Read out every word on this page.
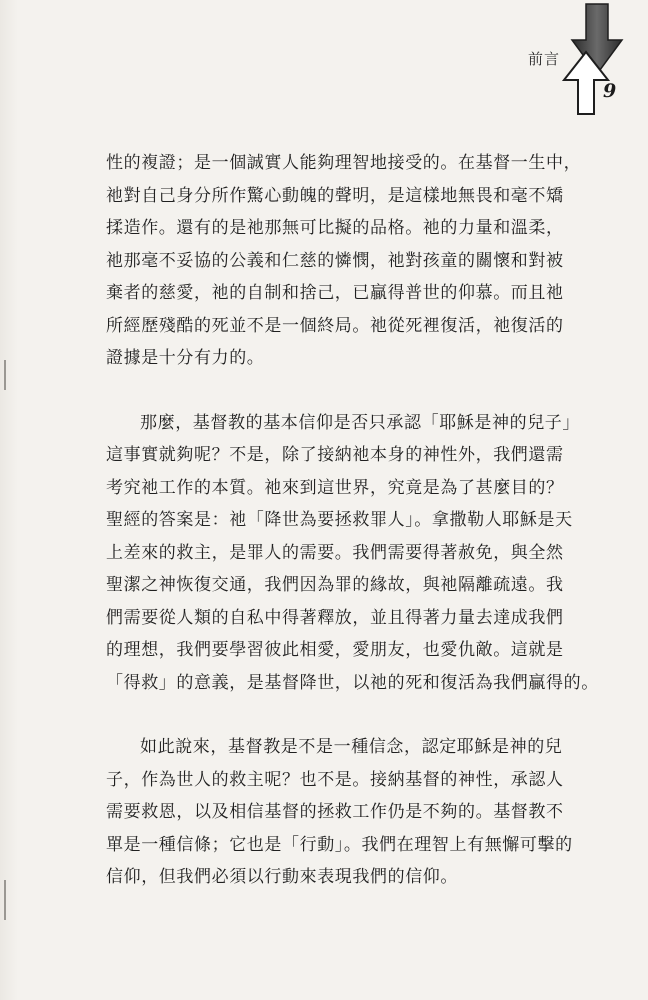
前言
9

性的複證；是一個誠實人能夠理智地接受的。在基督一生中，
祂對自己身分所作驚心動魄的聲明，是這樣地無畏和毫不矯
揉造作。還有的是祂那無可比擬的品格。祂的力量和溫柔，
祂那毫不妥協的公義和仁慈的憐憫，祂對孩童的關懷和對被
棄者的慈愛，祂的自制和捨己，已贏得普世的仰慕。而且祂
所經歷殘酷的死並不是一個終局。祂從死裡復活，祂復活的
證據是十分有力的。

那麼，基督教的基本信仰是否只承認「耶穌是神的兒子」
這事實就夠呢？不是，除了接納祂本身的神性外，我們還需
考究祂工作的本質。祂來到這世界，究竟是為了甚麼目的？
聖經的答案是：祂「降世為要拯救罪人」。拿撒勒人耶穌是天
上差來的救主，是罪人的需要。我們需要得著赦免，與全然
聖潔之神恢復交通，我們因為罪的緣故，與祂隔離疏遠。我
們需要從人類的自私中得著釋放，並且得著力量去達成我們
的理想，我們要學習彼此相愛，愛朋友，也愛仇敵。這就是
「得救」的意義，是基督降世，以祂的死和復活為我們贏得的。

如此說來，基督教是不是一種信念，認定耶穌是神的兒
子，作為世人的救主呢？也不是。接納基督的神性，承認人
需要救恩，以及相信基督的拯救工作仍是不夠的。基督教不
單是一種信條；它也是「行動」。我們在理智上有無懈可擊的
信仰，但我們必須以行動來表現我們的信仰。
